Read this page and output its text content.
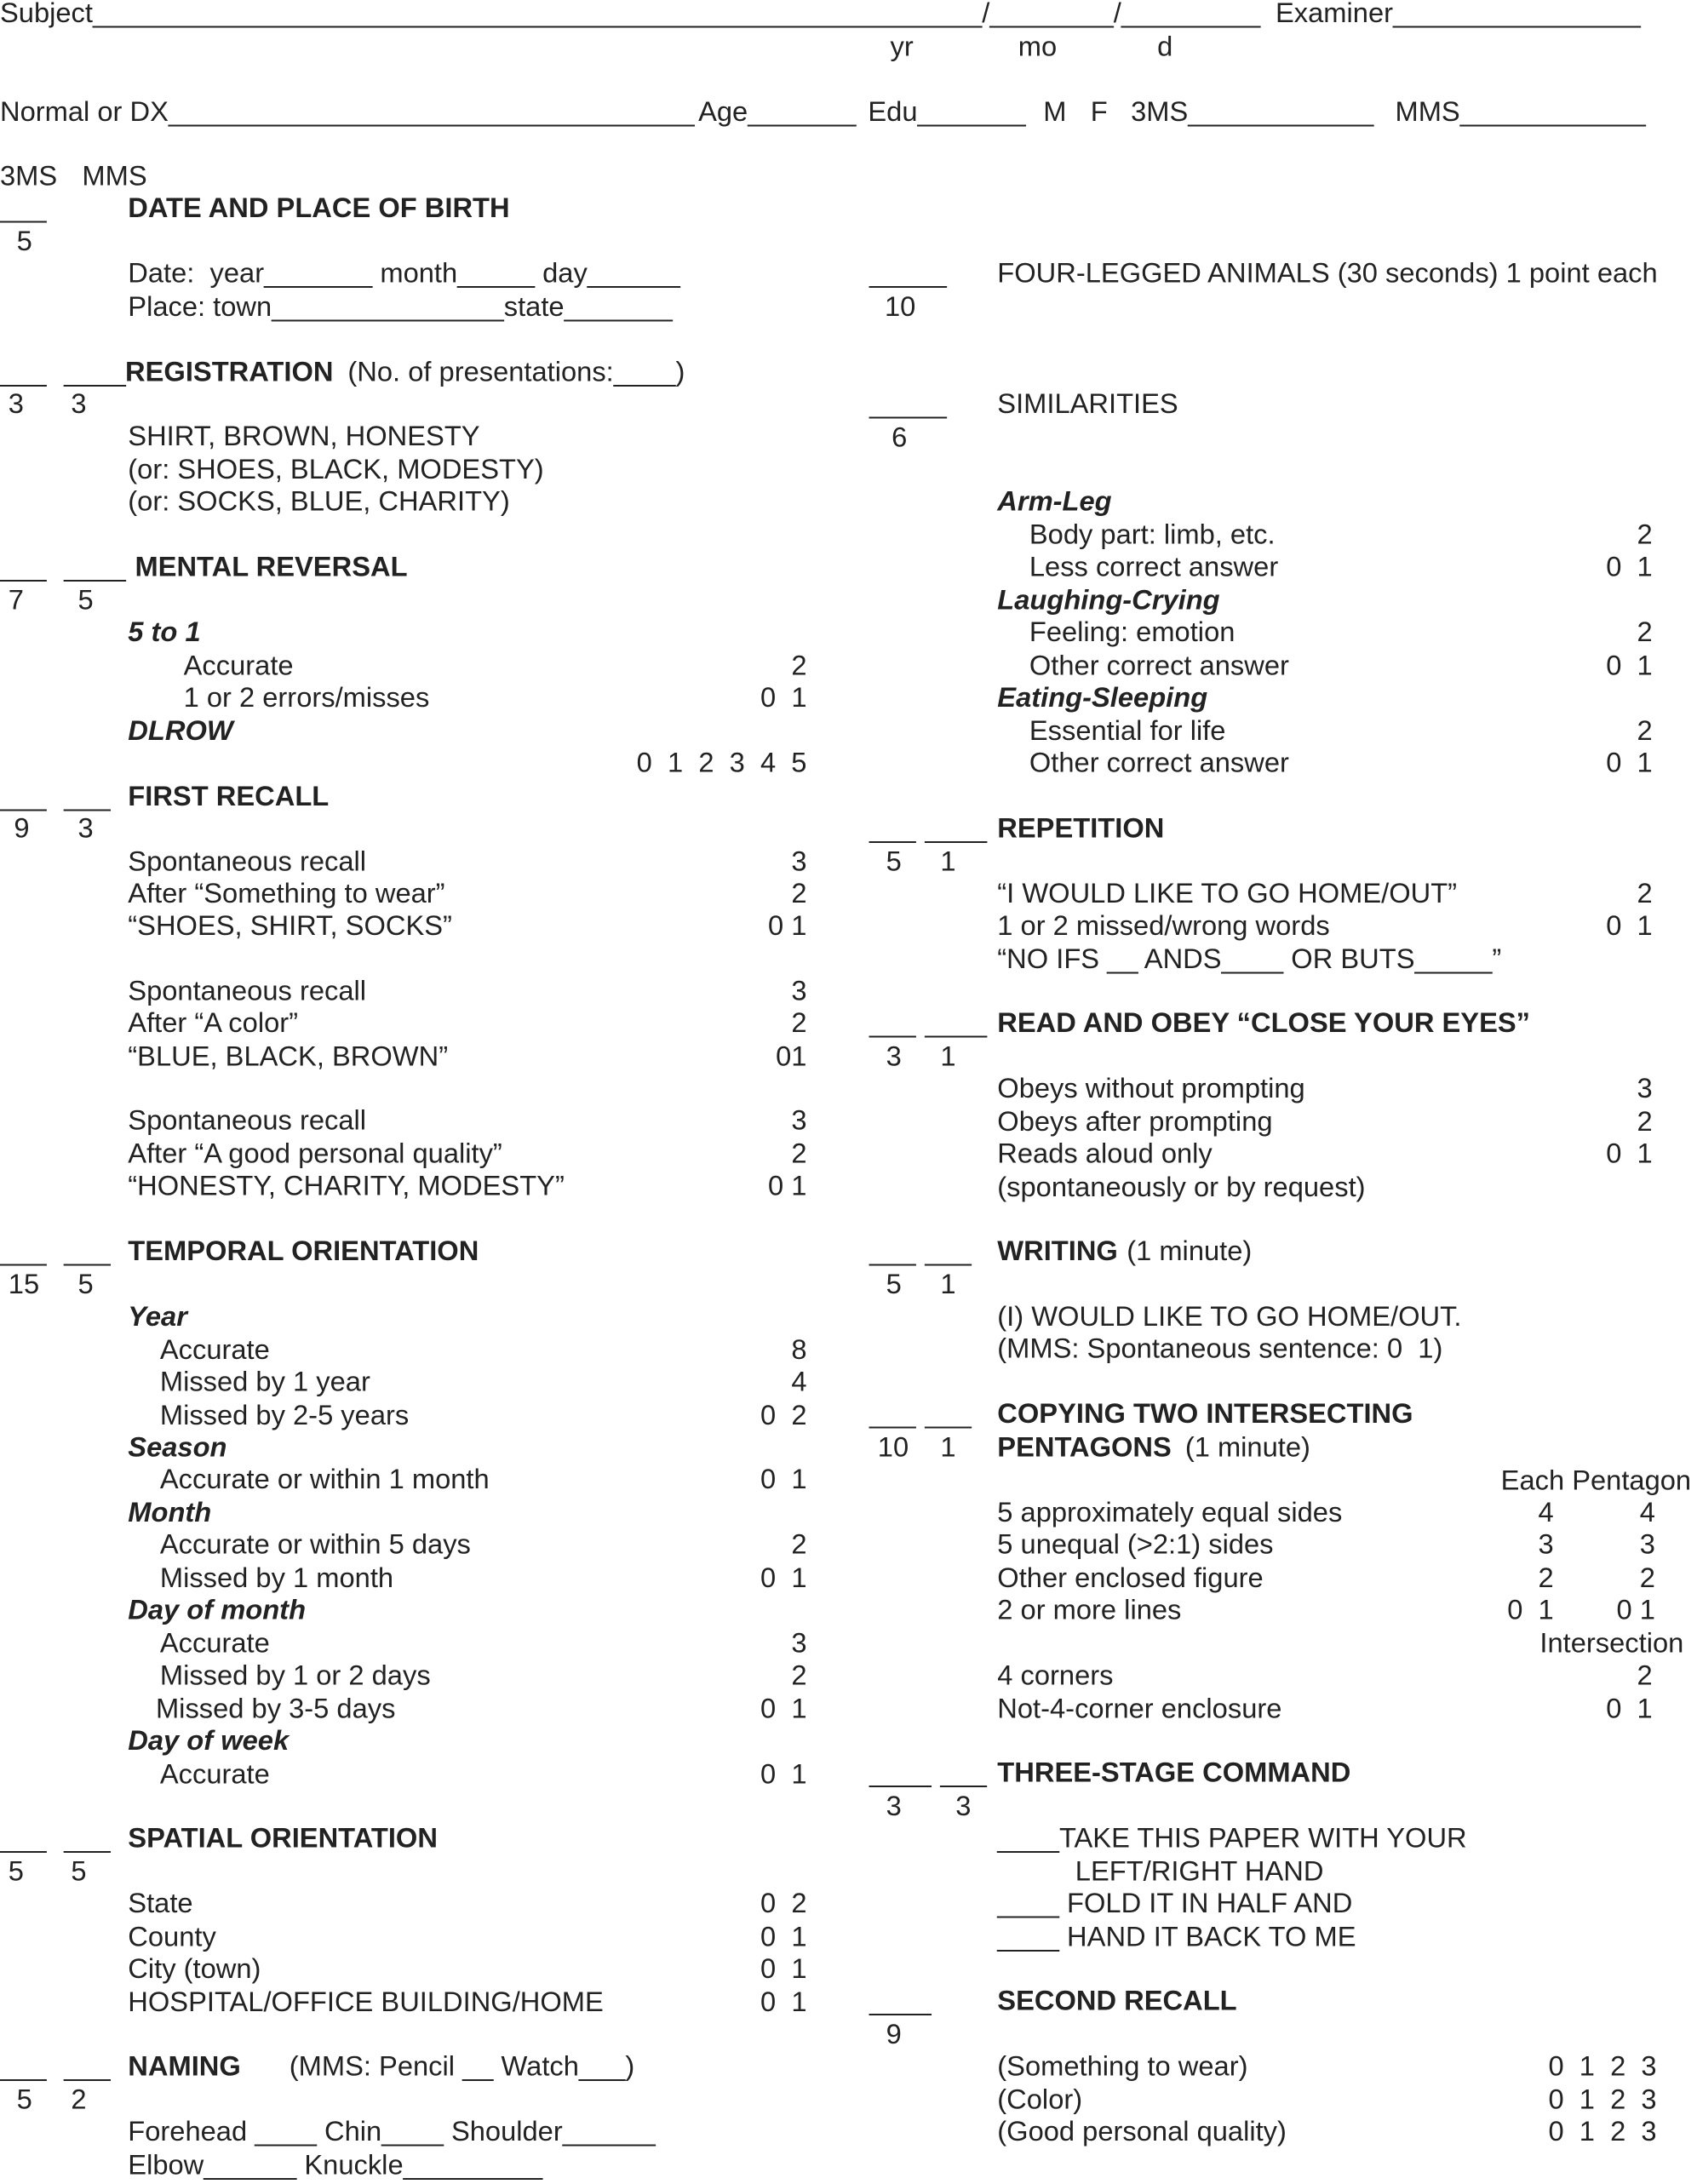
Subject__________________________________________________
________/________/_________ Examiner________________
yr	mo	d
Normal or DX__________________________________ Age_______ Edu_______ M F 3MS____________ MMS____________
3MS MMS
___	DATE AND PLACE OF BIRTH
5
Date:  year_______ month_____ day______
Place: town_______________state_______
___ ____ REGISTRATION (No. of presentations:____)
3	3
SHIRT, BROWN, HONESTY
(or: SHOES, BLACK, MODESTY)
(or: SOCKS, BLUE, CHARITY)
___ ____ MENTAL REVERSAL
7	5
5 to 1
Accurate	2
1 or 2 errors/misses	0  1
DLROW
0  1  2  3  4  5
___ ___ FIRST RECALL
9	3
Spontaneous recall	3
After “Something to wear”	2
“SHOES, SHIRT, SOCKS”	0 1
Spontaneous recall	3
After “A color”	2
“BLUE, BLACK, BROWN”	01
Spontaneous recall	3
After “A good personal quality”	2
“HONESTY, CHARITY, MODESTY”	0 1
___ ___ TEMPORAL ORIENTATION
15 5
Year
Accurate	8
Missed by 1 year	4
Missed by 2-5 years	0  2
Season
Accurate or within 1 month	0  1
Month
Accurate or within 5 days	2
Missed by 1 month	0  1
Day of month
Accurate	3
Missed by 1 or 2 days	2
Missed by 3-5 days	0  1
Day of week
Accurate	0  1
___ ___ SPATIAL ORIENTATION
5	5
State	0  2
County	0  1
City (town)	0  1
HOSPITAL/OFFICE BUILDING/HOME	0  1
___ ___ NAMING	(MMS: Pencil __ Watch___)
5 2
Forehead ____ Chin____ Shoulder______
Elbow______ Knuckle_________
_____	FOUR-LEGGED ANIMALS (30 seconds) 1 point each
10
_____	SIMILARITIES
6
Arm-Leg
Body part: limb, etc.	2
Less correct answer	0  1
Laughing-Crying
Feeling: emotion	2
Other correct answer	0  1
Eating-Sleeping
Essential for life	2
Other correct answer	0  1
___ ____
5 1
REPETITION
“I WOULD LIKE TO GO HOME/OUT”	2
1 or 2 missed/wrong words	0  1
“NO IFS __ ANDS____ OR BUTS_____”
___ ____
3 1
READ AND OBEY “CLOSE YOUR EYES”
Obeys without prompting	3
Obeys after prompting	2
Reads aloud only	0  1
(spontaneously or by request)
___ ___
5 1
WRITING (1 minute)
(I) WOULD LIKE TO GO HOME/OUT.
(MMS: Spontaneous sentence: 0  1)
___ ___
10 1
COPYING TWO INTERSECTING
PENTAGONS (1 minute)
Each Pentagon
5 approximately equal sides	4	4
5 unequal (>2:1) sides	3	3
Other enclosed figure	2	2
2 or more lines	0  1	0 1
Intersection
4 corners	2
Not-4-corner enclosure	0  1
____ ___ THREE-STAGE COMMAND
3	3
____TAKE THIS PAPER WITH YOUR
LEFT/RIGHT HAND
____ FOLD IT IN HALF AND
____ HAND IT BACK TO ME
____	SECOND RECALL
9
(Something to wear)	0  1  2  3
(Color)	0  1  2  3
(Good personal quality)	0  1  2  3
